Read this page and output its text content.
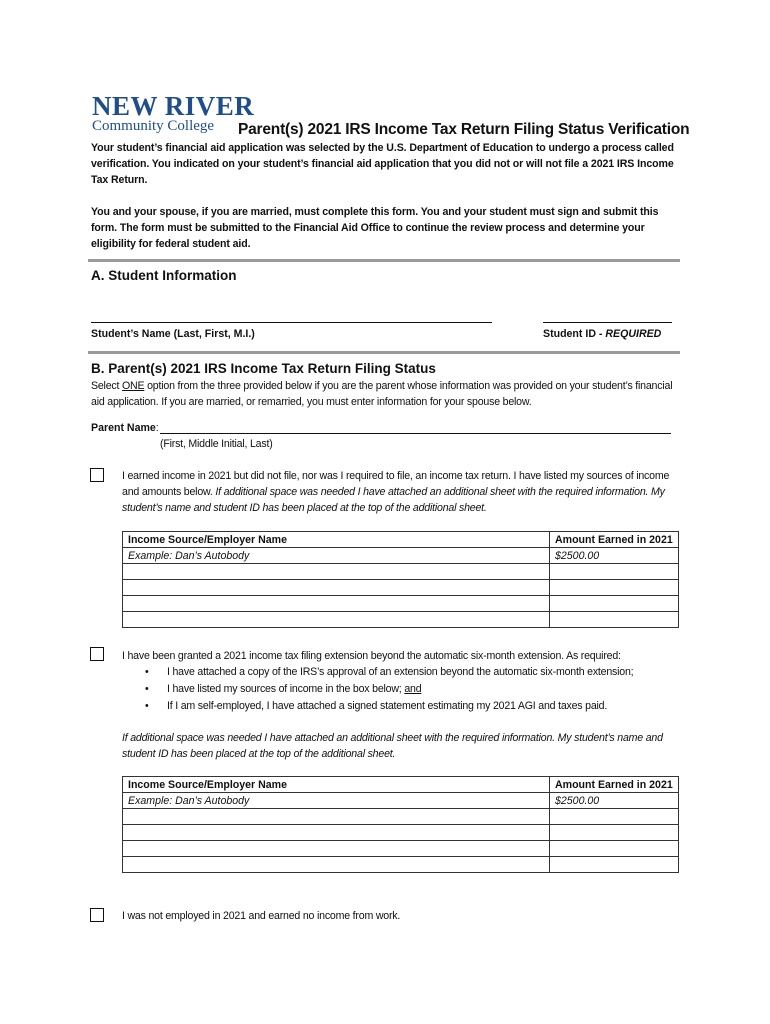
NEW RIVER
Community College	Parent(s) 2021 IRS Income Tax Return Filing Status Verification
Your student’s financial aid application was selected by the U.S. Department of Education to undergo a process called verification. You indicated on your student’s financial aid application that you did not or will not file a 2021 IRS Income Tax Return.
You and your spouse, if you are married, must complete this form. You and your student must sign and submit this form. The form must be submitted to the Financial Aid Office to continue the review process and determine your eligibility for federal student aid.
A. Student Information
Student’s Name (Last, First, M.I.)	Student ID - REQUIRED
B. Parent(s) 2021 IRS Income Tax Return Filing Status
Select ONE option from the three provided below if you are the parent whose information was provided on your student’s financial aid application. If you are married, or remarried, you must enter information for your spouse below.
Parent Name:
(First, Middle Initial, Last)
I earned income in 2021 but did not file, nor was I required to file, an income tax return. I have listed my sources of income and amounts below. If additional space was needed I have attached an additional sheet with the required information. My student’s name and student ID has been placed at the top of the additional sheet.
Income Source/Employer Name	Amount Earned in 2021
Example: Dan’s Autobody	$2500.00

I have been granted a 2021 income tax filing extension beyond the automatic six-month extension. As required:
• I have attached a copy of the IRS’s approval of an extension beyond the automatic six-month extension;
• I have listed my sources of income in the box below; and
• If I am self-employed, I have attached a signed statement estimating my 2021 AGI and taxes paid.
If additional space was needed I have attached an additional sheet with the required information. My student’s name and student ID has been placed at the top of the additional sheet.
Income Source/Employer Name	Amount Earned in 2021
Example: Dan’s Autobody	$2500.00

I was not employed in 2021 and earned no income from work.
